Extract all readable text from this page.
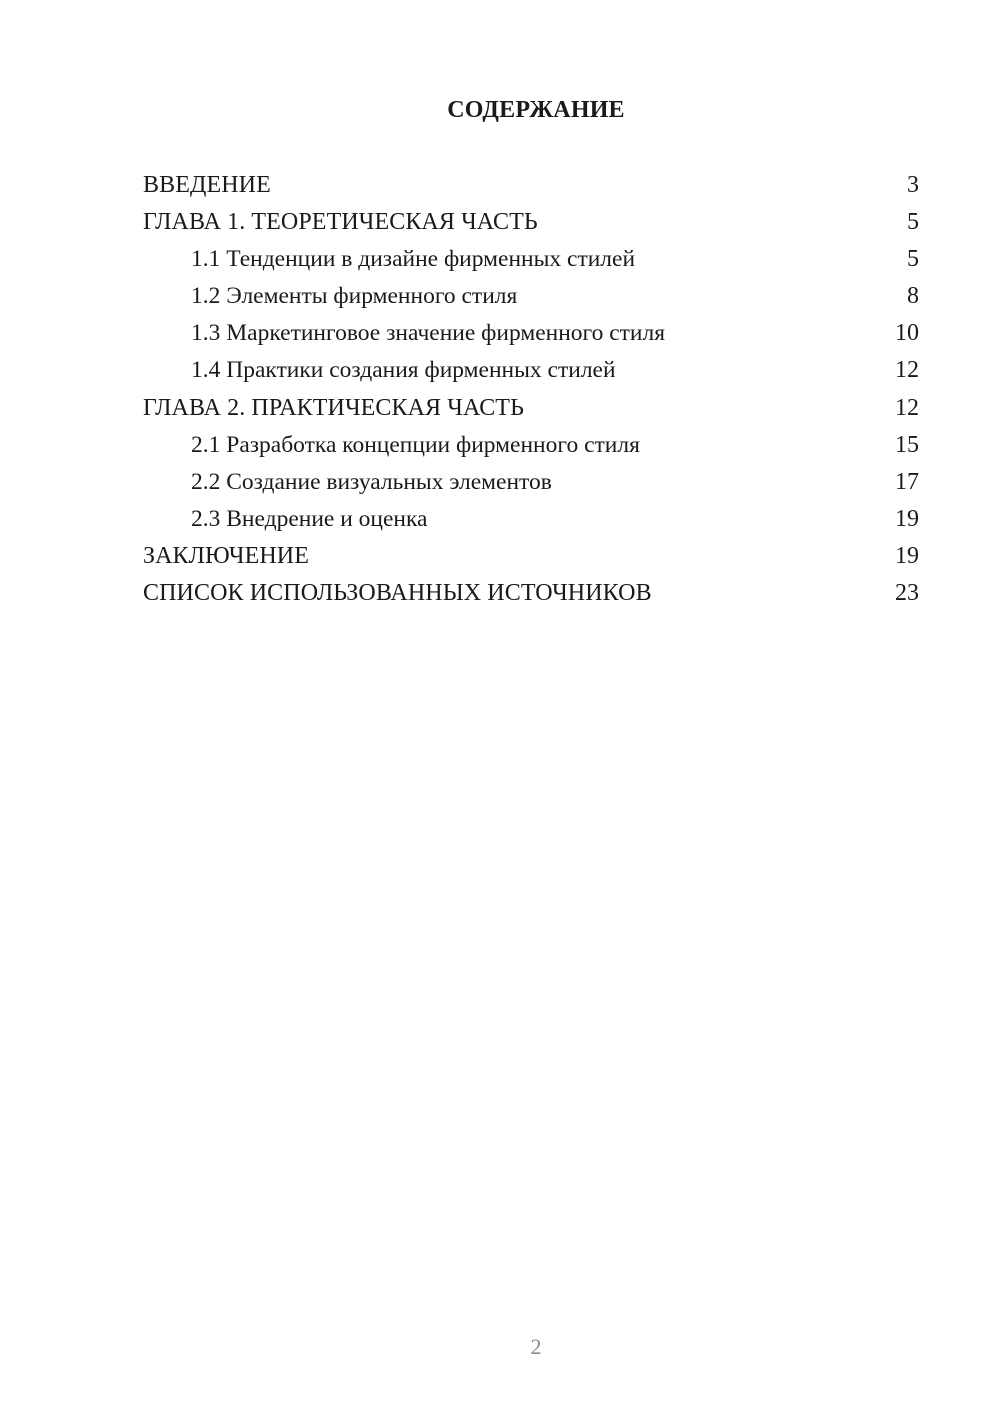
СОДЕРЖАНИЕ
ВВЕДЕНИЕ	3
ГЛАВА 1. ТЕОРЕТИЧЕСКАЯ ЧАСТЬ	5
1.1 Тенденции в дизайне фирменных стилей	5
1.2 Элементы фирменного стиля	8
1.3 Маркетинговое значение фирменного стиля	10
1.4 Практики создания фирменных стилей	12
ГЛАВА 2. ПРАКТИЧЕСКАЯ ЧАСТЬ	12
2.1 Разработка концепции фирменного стиля	15
2.2 Создание визуальных элементов	17
2.3 Внедрение и оценка	19
ЗАКЛЮЧЕНИЕ	19
СПИСОК ИСПОЛЬЗОВАННЫХ ИСТОЧНИКОВ	23
2
